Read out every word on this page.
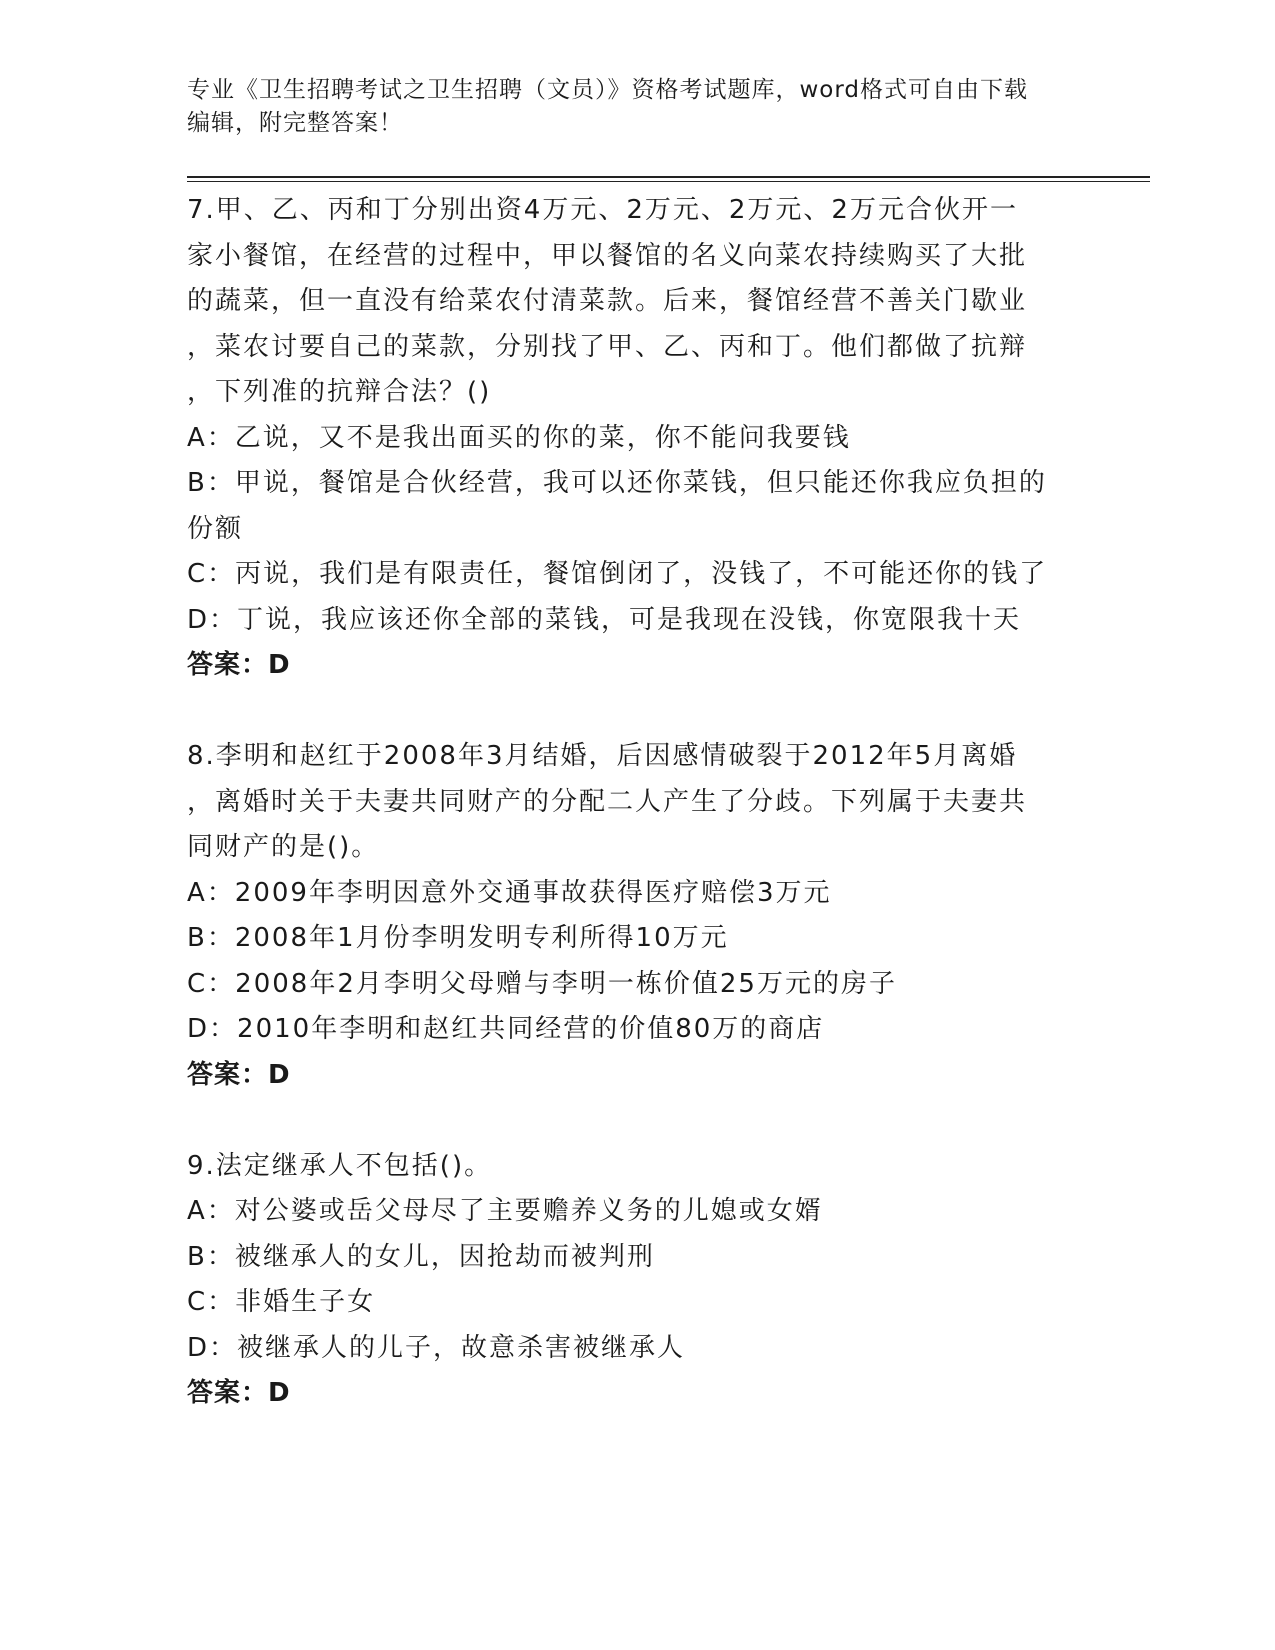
专业《卫生招聘考试之卫生招聘（文员）》资格考试题库，word格式可自由下载
编辑，附完整答案！
7.甲、乙、丙和丁分别出资4万元、2万元、2万元、2万元合伙开一
家小餐馆，在经营的过程中，甲以餐馆的名义向菜农持续购买了大批
的蔬菜，但一直没有给菜农付清菜款。后来，餐馆经营不善关门歇业
，菜农讨要自己的菜款，分别找了甲、乙、丙和丁。他们都做了抗辩
，下列准的抗辩合法？()
A：乙说，又不是我出面买的你的菜，你不能问我要钱
B：甲说，餐馆是合伙经营，我可以还你菜钱，但只能还你我应负担的
份额
C：丙说，我们是有限责任，餐馆倒闭了，没钱了，不可能还你的钱了
D：丁说，我应该还你全部的菜钱，可是我现在没钱，你宽限我十天
答案：D
8.李明和赵红于2008年3月结婚，后因感情破裂于2012年5月离婚
，离婚时关于夫妻共同财产的分配二人产生了分歧。下列属于夫妻共
同财产的是()。
A：2009年李明因意外交通事故获得医疗赔偿3万元
B：2008年1月份李明发明专利所得10万元
C：2008年2月李明父母赠与李明一栋价值25万元的房子
D：2010年李明和赵红共同经营的价值80万的商店
答案：D
9.法定继承人不包括()。
A：对公婆或岳父母尽了主要赡养义务的儿媳或女婿
B：被继承人的女儿，因抢劫而被判刑
C：非婚生子女
D：被继承人的儿子，故意杀害被继承人
答案：D
